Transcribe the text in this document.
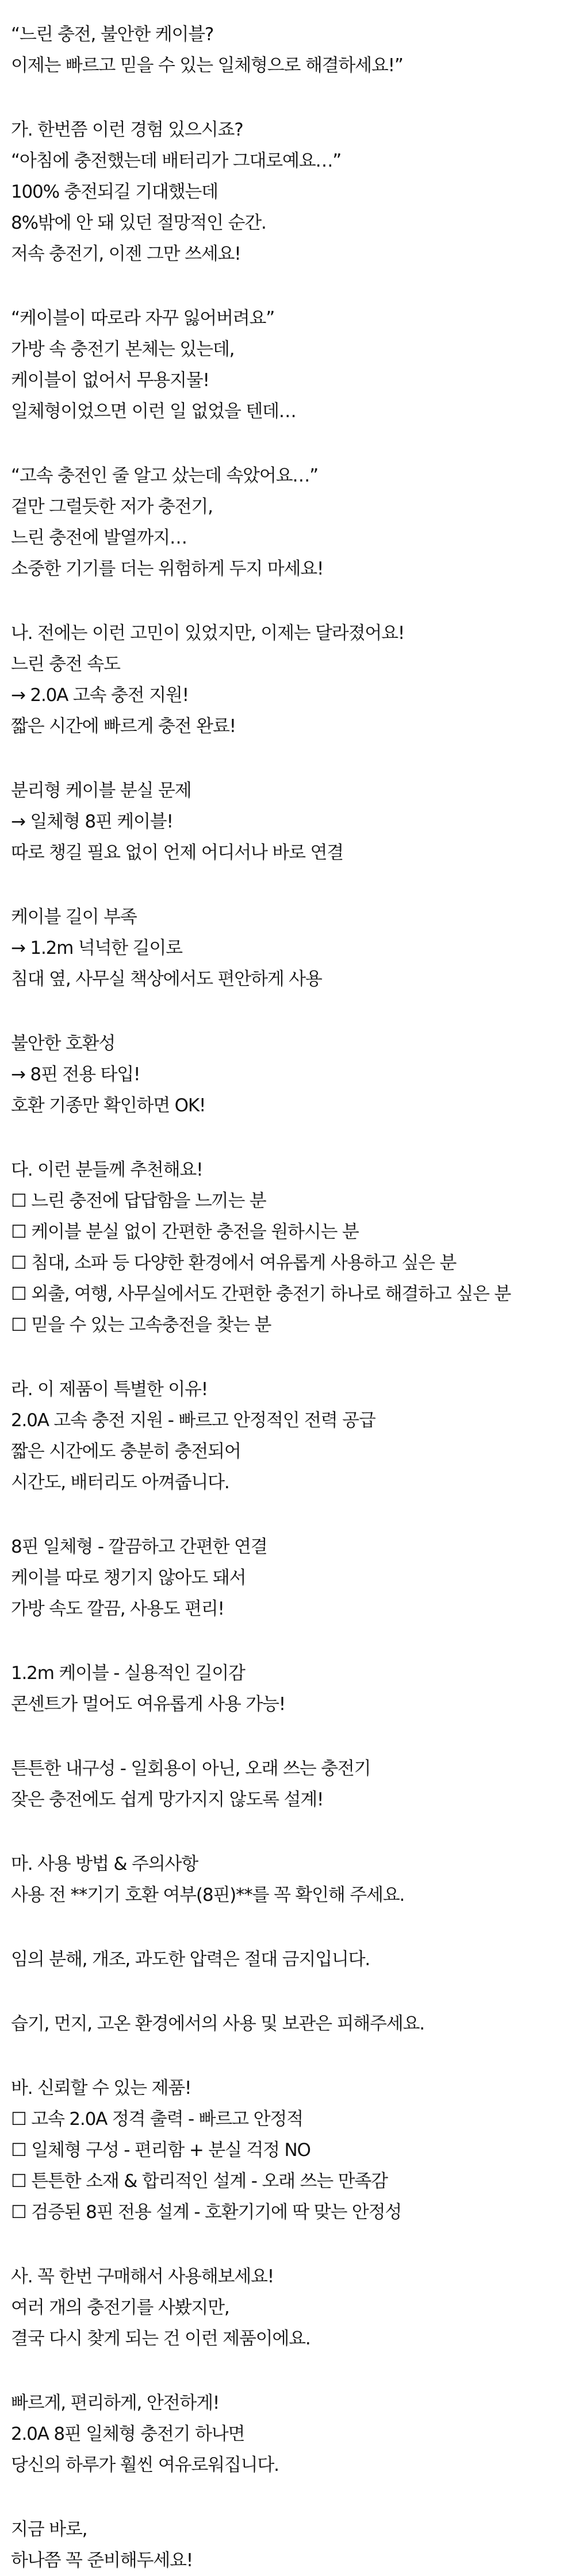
“느린 충전, 불안한 케이블?
이제는 빠르고 믿을 수 있는 일체형으로 해결하세요!”
가. 한번쯤 이런 경험 있으시죠?
“아침에 충전했는데 배터리가 그대로예요…”
100% 충전되길 기대했는데
8%밖에 안 돼 있던 절망적인 순간.
저속 충전기, 이젠 그만 쓰세요!
“케이블이 따로라 자꾸 잃어버려요”
가방 속 충전기 본체는 있는데,
케이블이 없어서 무용지물!
일체형이었으면 이런 일 없었을 텐데…
“고속 충전인 줄 알고 샀는데 속았어요…”
겉만 그럴듯한 저가 충전기,
느린 충전에 발열까지…
소중한 기기를 더는 위험하게 두지 마세요!
나. 전에는 이런 고민이 있었지만, 이제는 달라졌어요!
느린 충전 속도
→ 2.0A 고속 충전 지원!
짧은 시간에 빠르게 충전 완료!
분리형 케이블 분실 문제
→ 일체형 8핀 케이블!
따로 챙길 필요 없이 언제 어디서나 바로 연결
케이블 길이 부족
→ 1.2m 넉넉한 길이로
침대 옆, 사무실 책상에서도 편안하게 사용
불안한 호환성
→ 8핀 전용 타입!
호환 기종만 확인하면 OK!
다. 이런 분들께 추천해요!
☐ 느린 충전에 답답함을 느끼는 분
☐ 케이블 분실 없이 간편한 충전을 원하시는 분
☐ 침대, 소파 등 다양한 환경에서 여유롭게 사용하고 싶은 분
☐ 외출, 여행, 사무실에서도 간편한 충전기 하나로 해결하고 싶은 분
☐ 믿을 수 있는 고속충전을 찾는 분
라. 이 제품이 특별한 이유!
2.0A 고속 충전 지원 - 빠르고 안정적인 전력 공급
짧은 시간에도 충분히 충전되어
시간도, 배터리도 아껴줍니다.
8핀 일체형 - 깔끔하고 간편한 연결
케이블 따로 챙기지 않아도 돼서
가방 속도 깔끔, 사용도 편리!
1.2m 케이블 - 실용적인 길이감
콘센트가 멀어도 여유롭게 사용 가능!
튼튼한 내구성 - 일회용이 아닌, 오래 쓰는 충전기
잦은 충전에도 쉽게 망가지지 않도록 설계!
마. 사용 방법 & 주의사항
사용 전 **기기 호환 여부(8핀)**를 꼭 확인해 주세요.
임의 분해, 개조, 과도한 압력은 절대 금지입니다.
습기, 먼지, 고온 환경에서의 사용 및 보관은 피해주세요.
바. 신뢰할 수 있는 제품!
☐ 고속 2.0A 정격 출력 - 빠르고 안정적
☐ 일체형 구성 - 편리함 + 분실 걱정 NO
☐ 튼튼한 소재 & 합리적인 설계 - 오래 쓰는 만족감
☐ 검증된 8핀 전용 설계 - 호환기기에 딱 맞는 안정성
사. 꼭 한번 구매해서 사용해보세요!
여러 개의 충전기를 사봤지만,
결국 다시 찾게 되는 건 이런 제품이에요.
빠르게, 편리하게, 안전하게!
2.0A 8핀 일체형 충전기 하나면
당신의 하루가 훨씬 여유로워집니다.
지금 바로,
하나쯤 꼭 준비해두세요!
